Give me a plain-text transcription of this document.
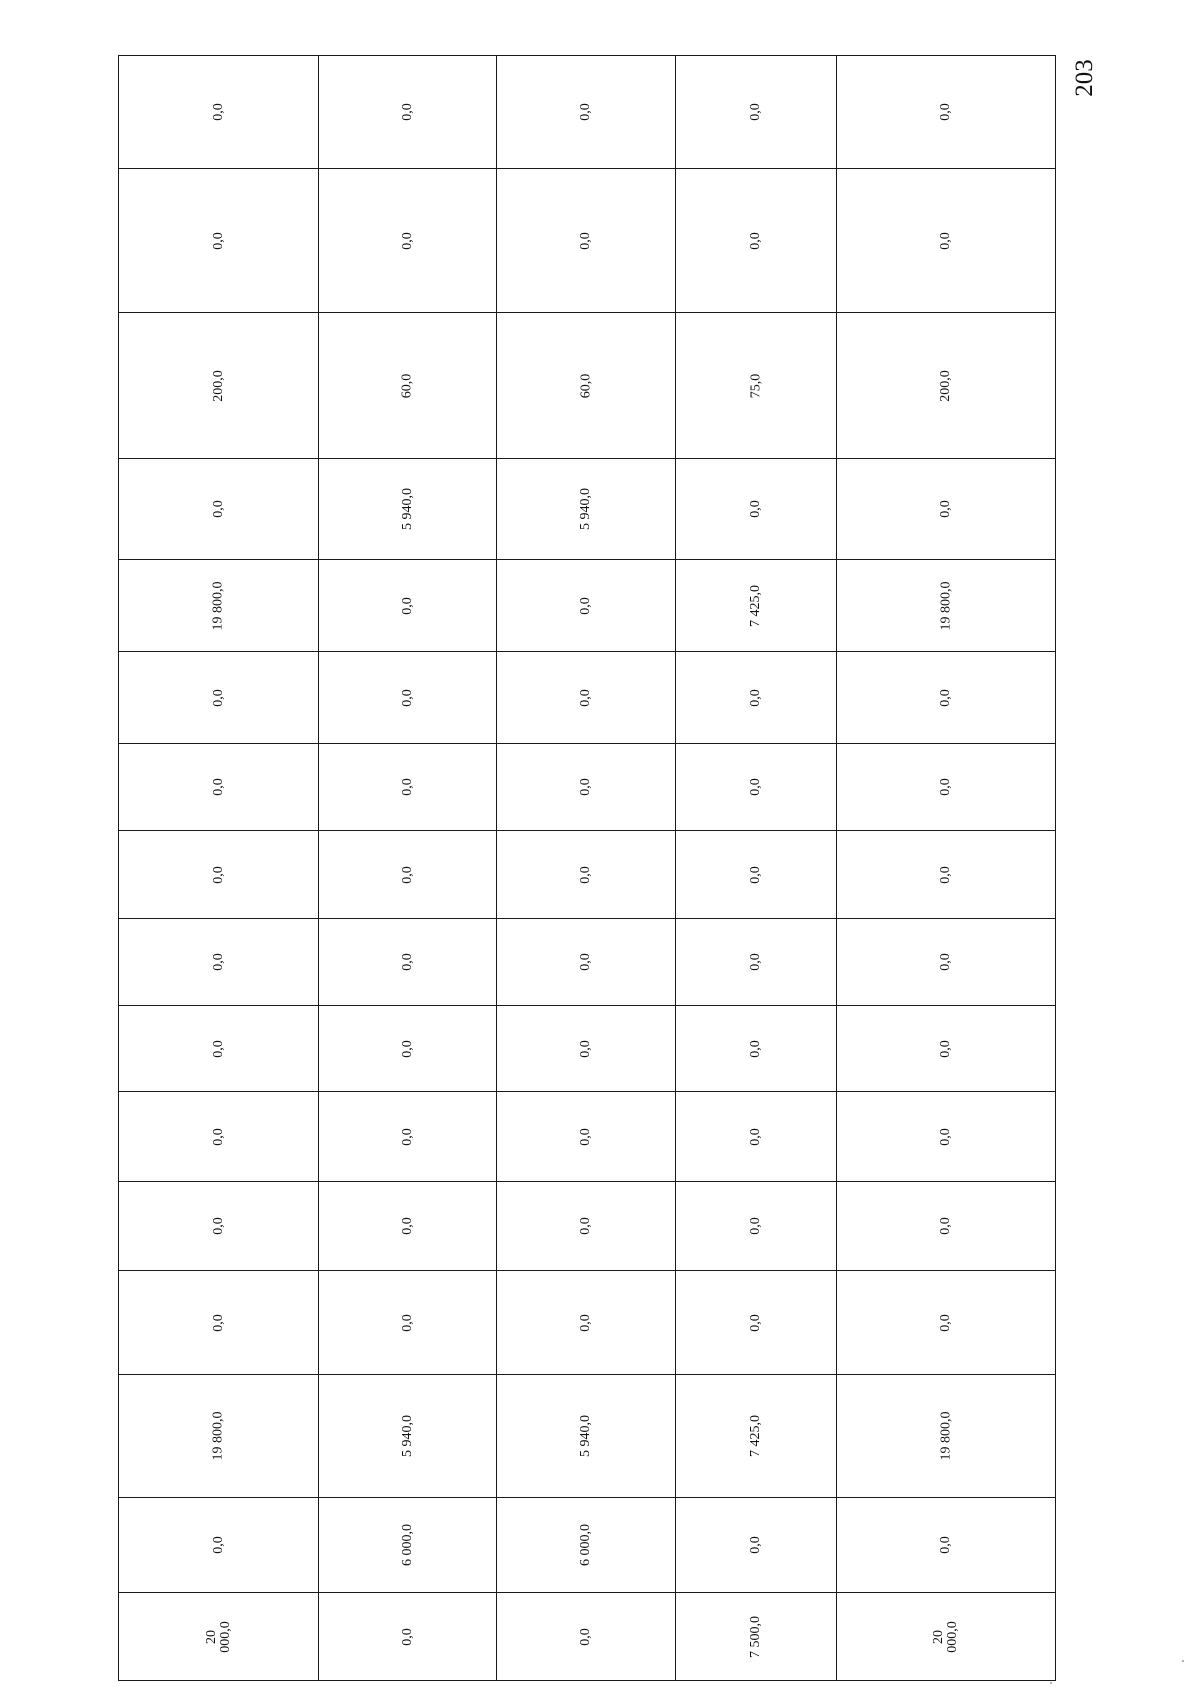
203
20
000,0
0,0
19 800,0
0,0
0,0
0,0
0,0
0,0
0,0
0,0
0,0
19 800,0
0,0
200,0
0,0
0,0
0,0
6 000,0
5 940,0
0,0
0,0
0,0
0,0
0,0
0,0
0,0
0,0
0,0
5 940,0
60,0
0,0
0,0
0,0
6 000,0
5 940,0
0,0
0,0
0,0
0,0
0,0
0,0
0,0
0,0
0,0
5 940,0
60,0
0,0
0,0
7 500,0
0,0
7 425,0
0,0
0,0
0,0
0,0
0,0
0,0
0,0
0,0
7 425,0
0,0
75,0
0,0
0,0
20
000,0
0,0
19 800,0
0,0
0,0
0,0
0,0
0,0
0,0
0,0
0,0
19 800,0
0,0
200,0
0,0
0,0
